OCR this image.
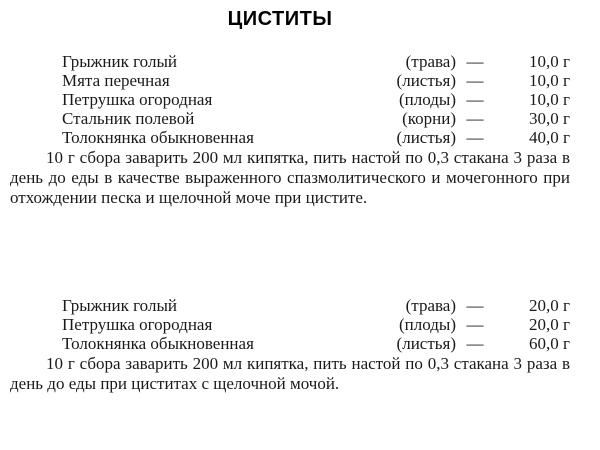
ЦИСТИТЫ
Грыжник голый	(трава) —	10,0 г
Мята перечная	(листья) —	10,0 г
Петрушка огородная	(плоды) —	10,0 г
Стальник полевой	(корни) —	30,0 г
Толокнянка обыкновенная	(листья) —	40,0 г

10 г сбора заварить 200 мл кипятка, пить настой по 0,3 стакана 3 раза в день до еды в качестве выраженного спазмолитического и мочегонного при отхождении песка и щелочной моче при цистите.

Грыжник голый	(трава) —	20,0 г
Петрушка огородная	(плоды) —	20,0 г
Толокнянка обыкновенная	(листья) —	60,0 г

10 г сбора заварить 200 мл кипятка, пить настой по 0,3 стакана 3 раза в день до еды при циститах с щелочной мочой.
